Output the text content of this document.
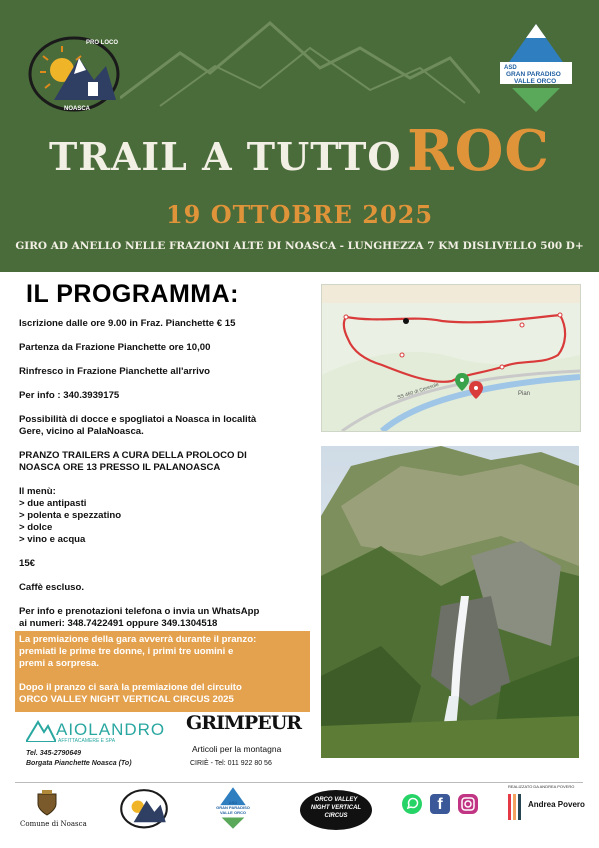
PRO LOCO
NOASCA
ASD
GRAN PARADISO
VALLE ORCO
TRAIL A TUTTO ROC
19 OTTOBRE 2025
GIRO AD ANELLO NELLE FRAZIONI ALTE DI NOASCA - LUNGHEZZA 7 KM DISLIVELLO 500 D+
IL PROGRAMMA:

Iscrizione dalle ore 9.00 in Fraz. Pianchette € 15

Partenza da Frazione Pianchette ore 10,00

Rinfresco in Frazione Pianchette all'arrivo

Per info : 340.3939175

Possibilità di docce e spogliatoi a Noasca in località

Gere, vicino al PalaNoasca.

PRANZO TRAILERS A CURA DELLA PROLOCO DI

NOASCA ORE 13 PRESSO IL PALANOASCA

Il menù:

> due antipasti

> polenta e spezzatino

> dolce

> vino e acqua

15€

Caffè escluso.

Per info e prenotazioni telefona o invia un WhatsApp

ai numeri: 348.7422491 oppure 349.1304518

La premiazione della gara avverrà durante il pranzo:

premiati le prime tre donne, i primi tre uomini e

premi a sorpresa.

Dopo il pranzo ci sarà la premiazione del circuito

ORCO VALLEY NIGHT VERTICAL CIRCUS 2025

SS 460 di Ceresole	Pian
AIOLANDRO
AFFITTACAMERE E SPA
Tel. 345-2790649
Borgata Pianchette Noasca (To)
GRIMPEUR
Articoli per la montagna
CIRIÈ - Tel: 011 922 80 56
Comune di Noasca
ASD
GRAN PARADISO
VALLE ORCO
ORCO VALLEY
NIGHT VERTICAL
CIRCUS
f
REALIZZATO DA ANDREA POVERO
Andrea Povero
